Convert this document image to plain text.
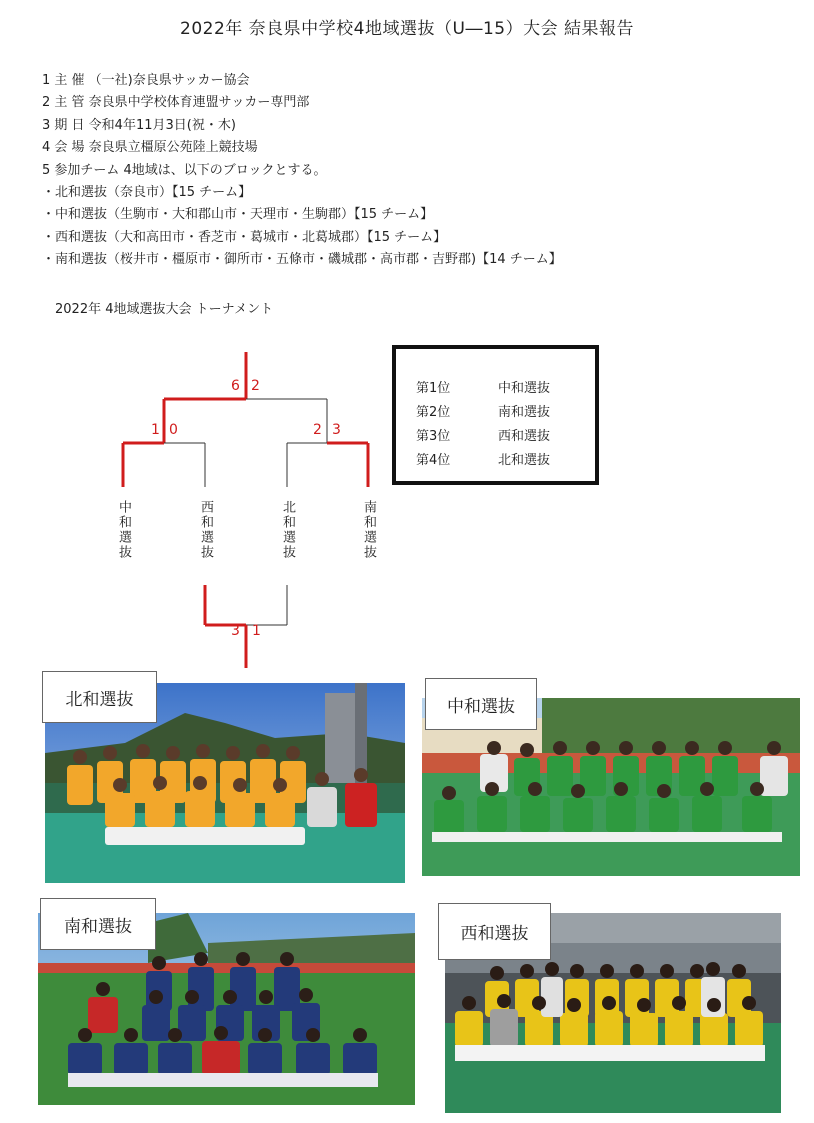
2022年 奈良県中学校4地域選抜（U―15）大会 結果報告
1 主 催 （一社)奈良県サッカー協会
2 主 管 奈良県中学校体育連盟サッカー専門部
3 期 日 令和4年11月3日(祝・木)
4 会 場 奈良県立橿原公苑陸上競技場
5 参加チーム 4地域は、以下のブロックとする。
・北和選抜（奈良市）【15 チーム】
・中和選抜（生駒市・大和郡山市・天理市・生駒郡）【15 チーム】
・西和選抜（大和高田市・香芝市・葛城市・北葛城郡）【15 チーム】
・南和選抜（桜井市・橿原市・御所市・五條市・磯城郡・高市郡・吉野郡)【14 チーム】
2022年 4地域選抜大会 トーナメント
6 2
1 0	2 3
3 1
中和選抜	西和選抜	北和選抜	南和選抜
第1位	中和選抜
第2位	南和選抜
第3位	西和選抜
第4位	北和選抜
北和選抜	中和選抜
南和選抜	西和選抜
